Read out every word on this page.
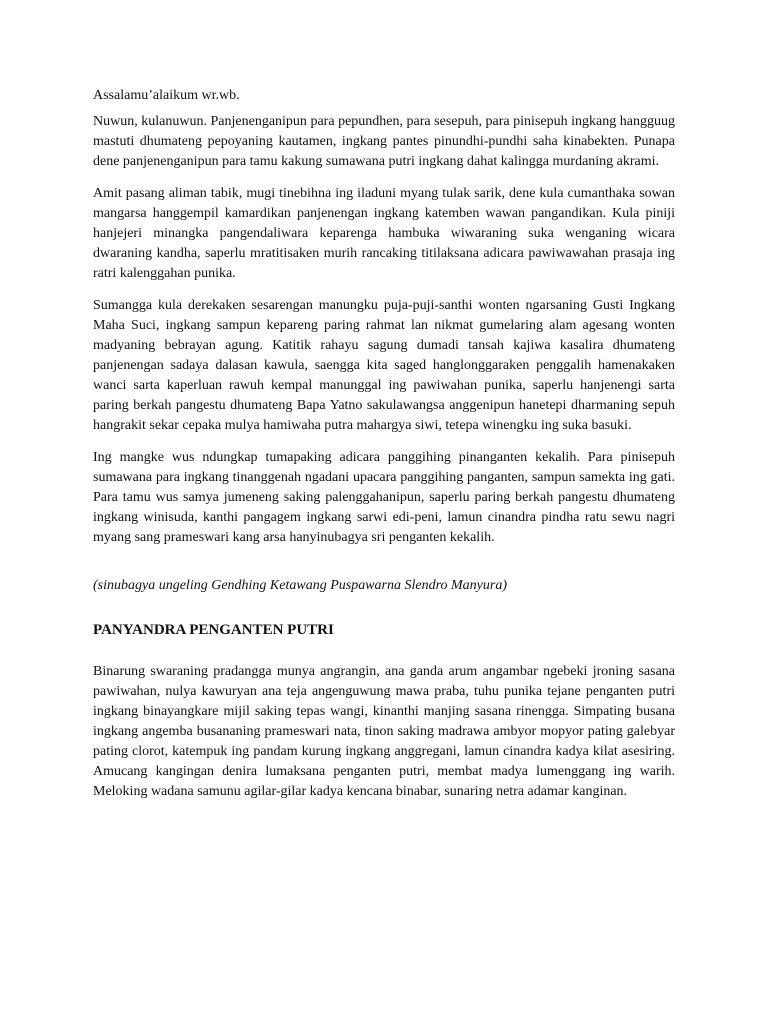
Assalamu’alaikum wr.wb.

Nuwun, kulanuwun. Panjenenganipun para pepundhen, para sesepuh, para pinisepuh ingkang hangguug mastuti dhumateng pepoyaning kautamen, ingkang pantes pinundhi-pundhi saha kinabekten. Punapa dene panjenenganipun para tamu kakung sumawana putri ingkang dahat kalingga murdaning akrami.

Amit pasang aliman tabik, mugi tinebihna ing iladuni myang tulak sarik, dene kula cumanthaka sowan mangarsa hanggempil kamardikan panjenengan ingkang katemben wawan pangandikan. Kula piniji hanjejeri minangka pangendaliwara keparenga hambuka wiwaraning suka wenganing wicara dwaraning kandha, saperlu mratitisaken murih rancaking titilaksana adicara pawiwawahan prasaja ing ratri kalenggahan punika.

Sumangga kula derekaken sesarengan manungku puja-puji-santhi wonten ngarsaning Gusti Ingkang Maha Suci, ingkang sampun kepareng paring rahmat lan nikmat gumelaring alam agesang wonten madyaning bebrayan agung. Katitik rahayu sagung dumadi tansah kajiwa kasalira dhumateng panjenengan sadaya dalasan kawula, saengga kita saged hanglonggaraken penggalih hamenakaken wanci sarta kaperluan rawuh kempal manunggal ing pawiwahan punika, saperlu hanjenengi sarta paring berkah pangestu dhumateng Bapa Yatno sakulawangsa anggenipun hanetepi dharmaning sepuh hangrakit sekar cepaka mulya hamiwaha putra mahargya siwi, tetepa winengku ing suka basuki.

Ing mangke wus ndungkap tumapaking adicara panggihing pinanganten kekalih. Para pinisepuh sumawana para ingkang tinanggenah ngadani upacara panggihing panganten, sampun samekta ing gati. Para tamu wus samya jumeneng saking palenggahanipun, saperlu paring berkah pangestu dhumateng ingkang winisuda, kanthi pangagem ingkang sarwi edi-peni, lamun cinandra pindha ratu sewu nagri myang sang prameswari kang arsa hanyinubagya sri penganten kekalih.

(sinubagya ungeling Gendhing Ketawang Puspawarna Slendro Manyura)

PANYANDRA PENGANTEN PUTRI

Binarung swaraning pradangga munya angrangin, ana ganda arum angambar ngebeki jroning sasana pawiwahan, nulya kawuryan ana teja angenguwung mawa praba, tuhu punika tejane penganten putri ingkang binayangkare mijil saking tepas wangi, kinanthi manjing sasana rinengga. Simpating busana ingkang angemba busananing prameswari nata, tinon saking madrawa ambyor mopyor pating galebyar pating clorot, katempuk ing pandam kurung ingkang anggregani, lamun cinandra kadya kilat asesiring. Amucang kangingan denira lumaksana penganten putri, membat madya lumenggang ing warih. Meloking wadana samunu agilar-gilar kadya kencana binabar, sunaring netra adamar kanginan.
